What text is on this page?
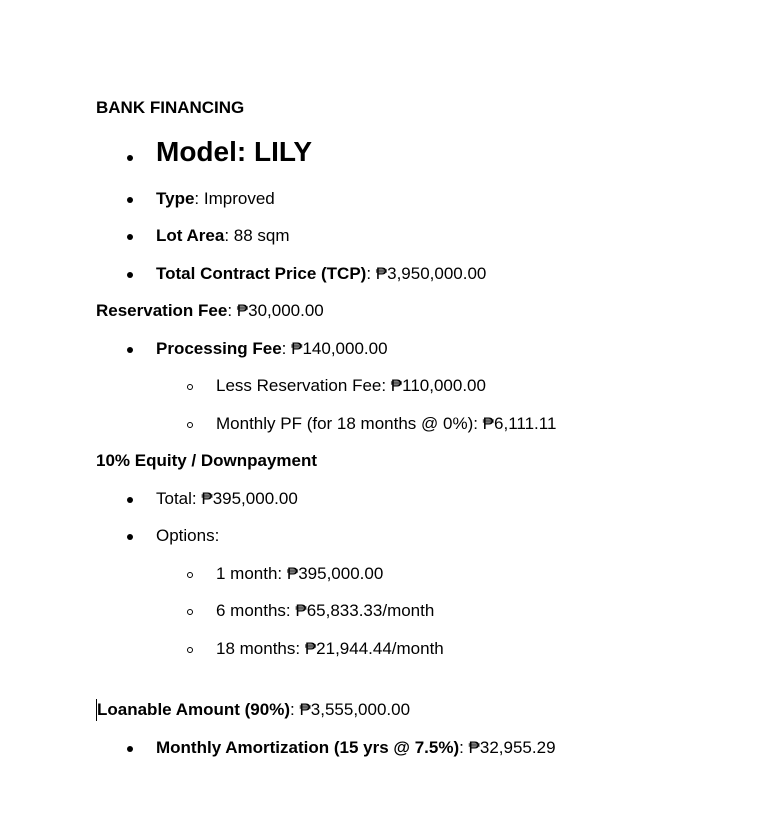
BANK FINANCING
Model: LILY
Type: Improved
Lot Area: 88 sqm
Total Contract Price (TCP): ₱3,950,000.00
Reservation Fee: ₱30,000.00
Processing Fee: ₱140,000.00
Less Reservation Fee: ₱110,000.00
Monthly PF (for 18 months @ 0%): ₱6,111.11
10% Equity / Downpayment
Total: ₱395,000.00
Options:
1 month: ₱395,000.00
6 months: ₱65,833.33/month
18 months: ₱21,944.44/month
Loanable Amount (90%): ₱3,555,000.00
Monthly Amortization (15 yrs @ 7.5%): ₱32,955.29
